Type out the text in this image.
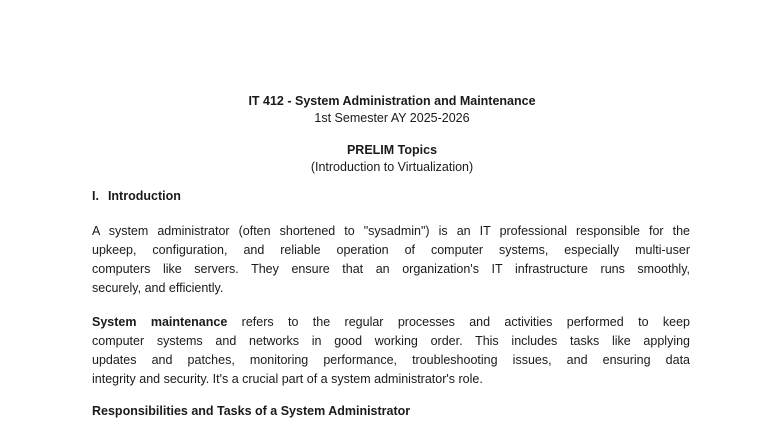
IT 412 - System Administration and Maintenance
1st Semester AY 2025-2026
PRELIM Topics
(Introduction to Virtualization)
I. Introduction
A system administrator (often shortened to "sysadmin") is an IT professional responsible for the
upkeep, configuration, and reliable operation of computer systems, especially multi-user
computers like servers. They ensure that an organization's IT infrastructure runs smoothly,
securely, and efficiently.
System maintenance refers to the regular processes and activities performed to keep
computer systems and networks in good working order. This includes tasks like applying
updates and patches, monitoring performance, troubleshooting issues, and ensuring data
integrity and security. It's a crucial part of a system administrator's role.
Responsibilities and Tasks of a System Administrator
